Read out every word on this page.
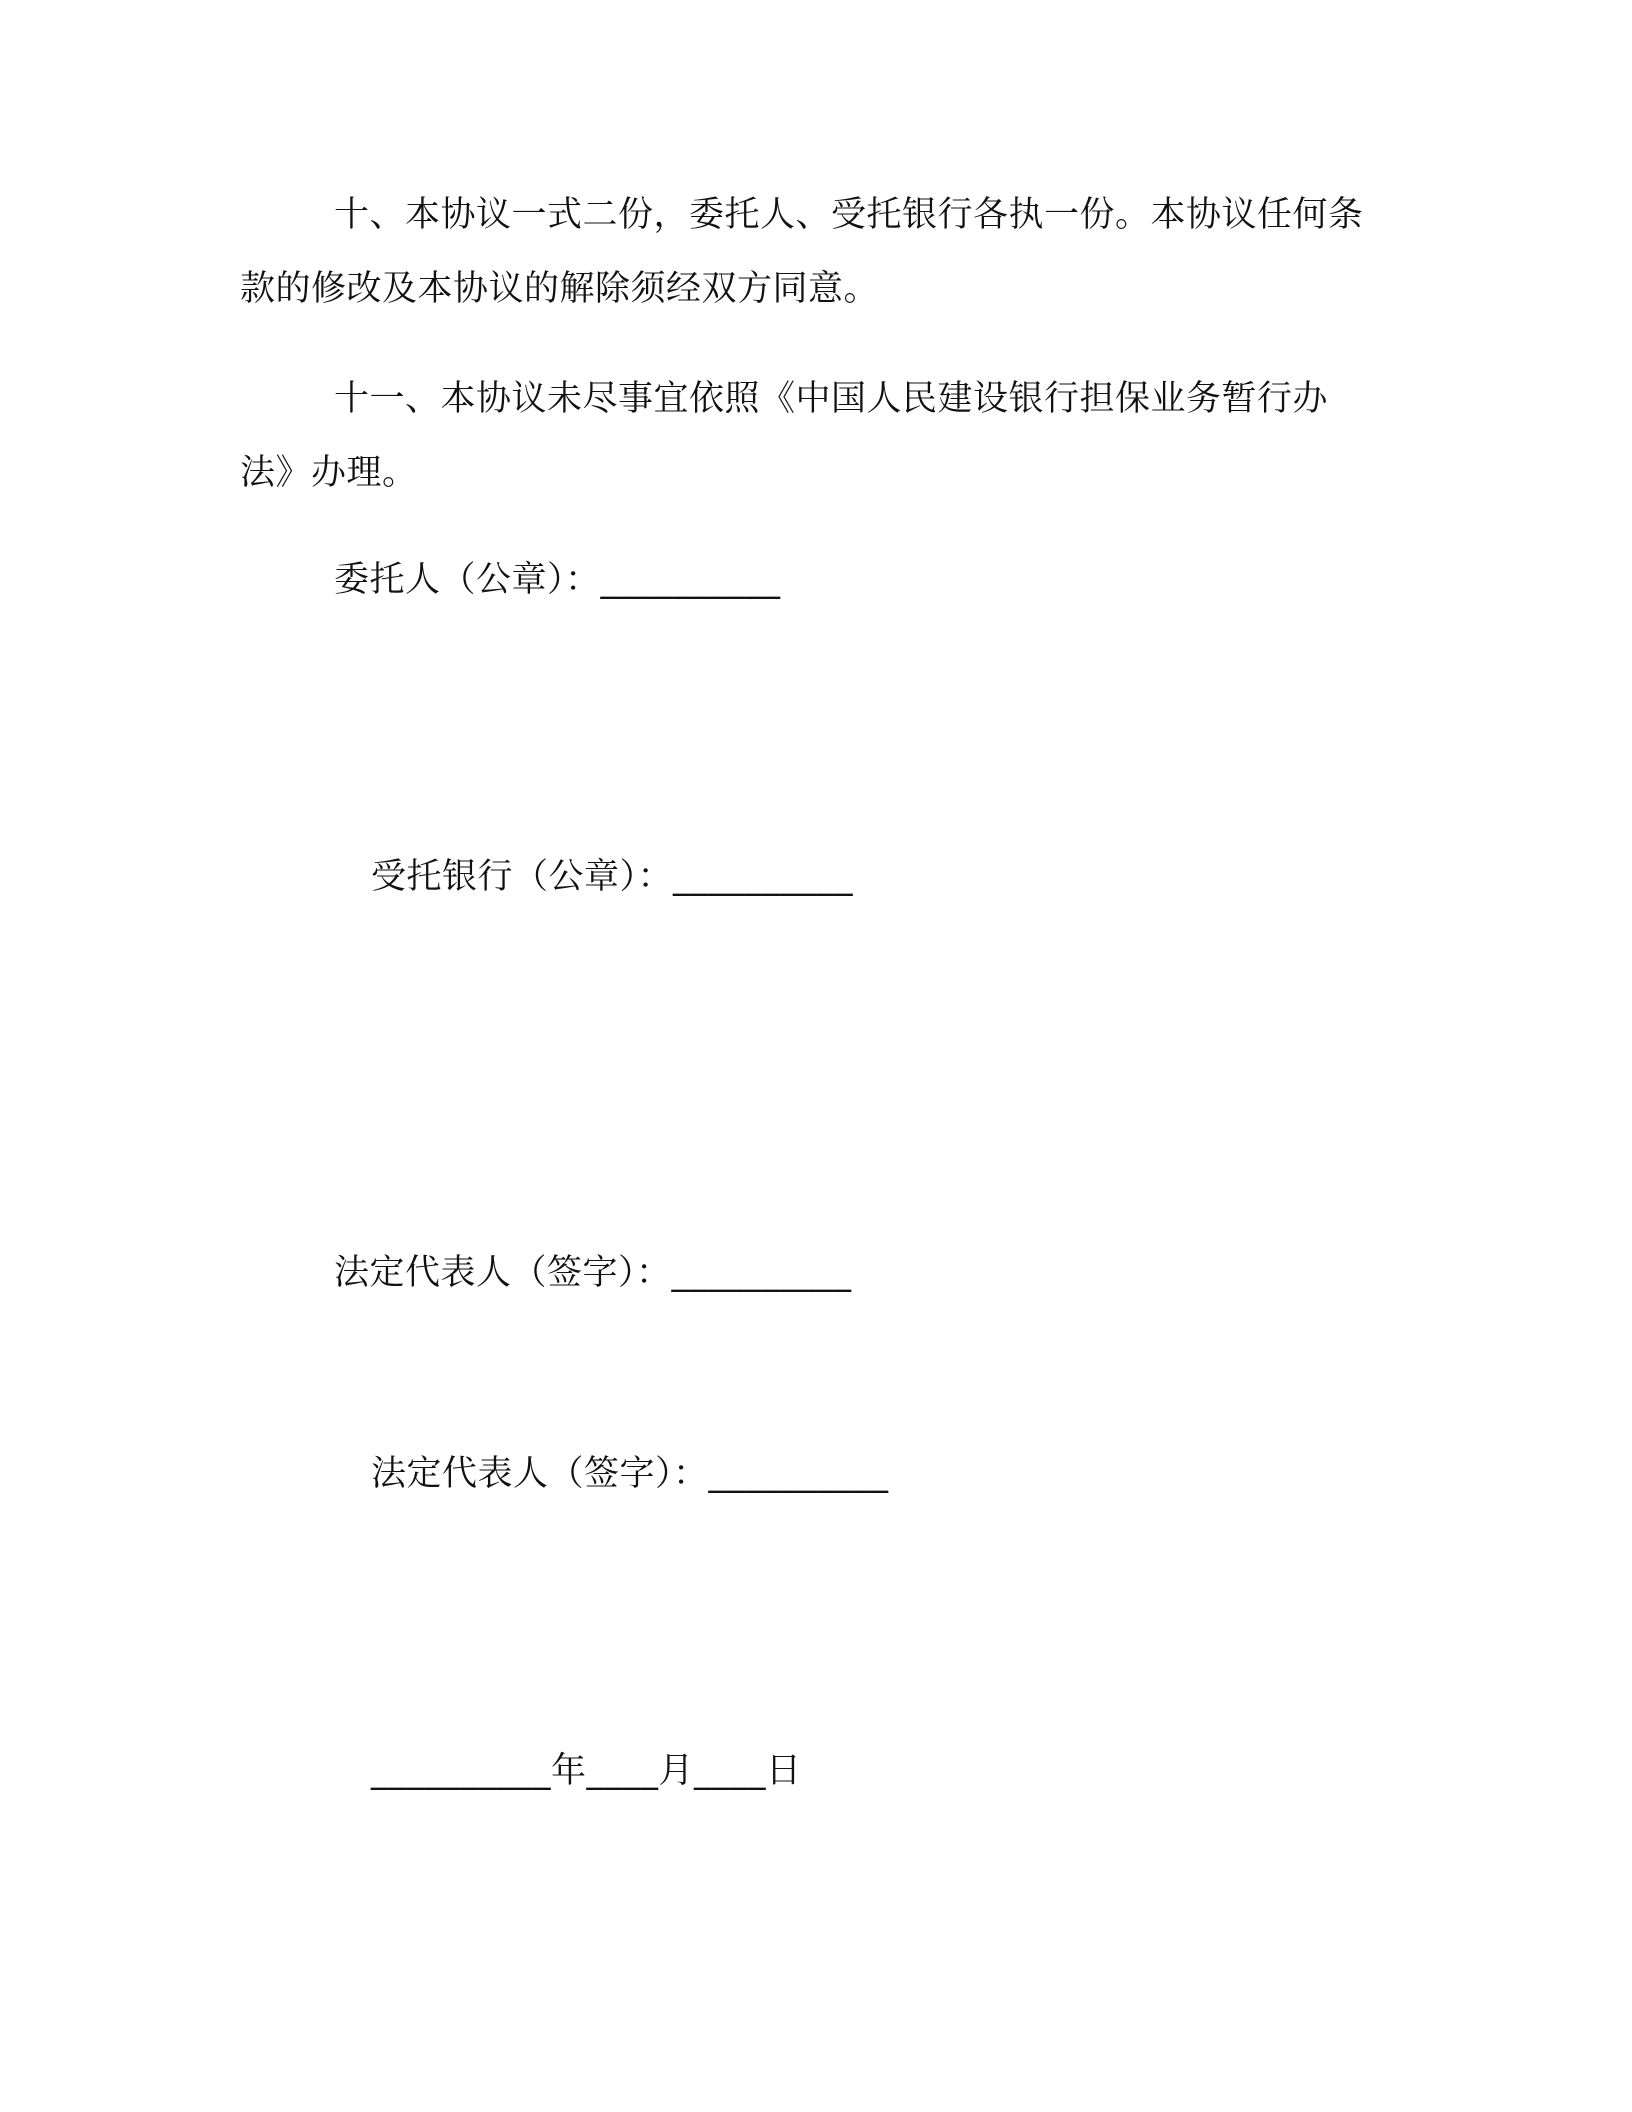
十、本协议一式二份，委托人、受托银行各执一份。本协议任何条款的修改及本协议的解除须经双方同意。

十一、本协议未尽事宜依照《中国人民建设银行担保业务暂行办法》办理。

委托人（公章）：__________
受托银行（公章）：__________
法定代表人（签字）：__________
法定代表人（签字）：__________
__________年____月____日
